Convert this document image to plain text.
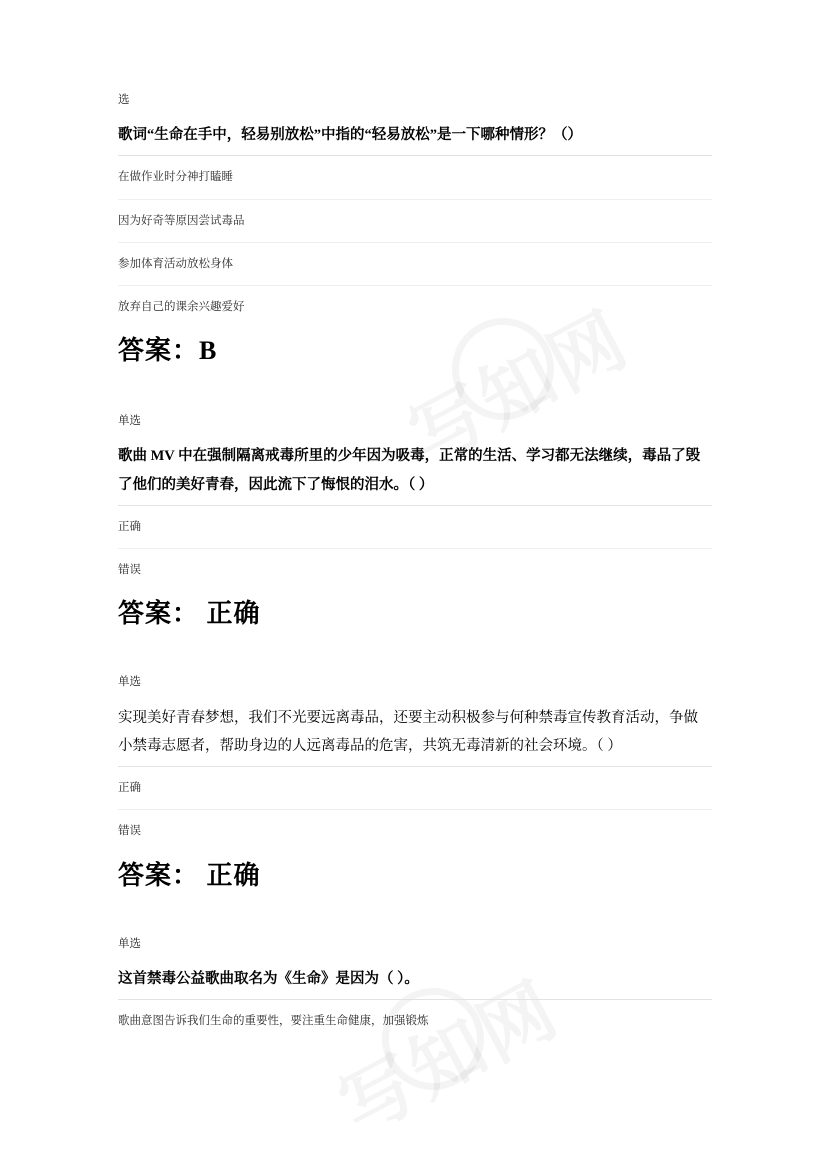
选
歌词“生命在手中，轻易别放松”中指的“轻易放松”是一下哪种情形？（）
在做作业时分神打瞌睡
因为好奇等原因尝试毒品
参加体育活动放松身体
放弃自己的课余兴趣爱好
答案：B
单选
歌曲 MV 中在强制隔离戒毒所里的少年因为吸毒，正常的生活、学习都无法继续，毒品了毁了他们的美好青春，因此流下了悔恨的泪水。（ ）
正确
错误
答案： 正确
单选
实现美好青春梦想，我们不光要远离毒品，还要主动积极参与何种禁毒宣传教育活动，争做小禁毒志愿者，帮助身边的人远离毒品的危害，共筑无毒清新的社会环境。（ ）
正确
错误
答案： 正确
单选
这首禁毒公益歌曲取名为《生命》是因为（ ）。
歌曲意图告诉我们生命的重要性，要注重生命健康，加强锻炼
